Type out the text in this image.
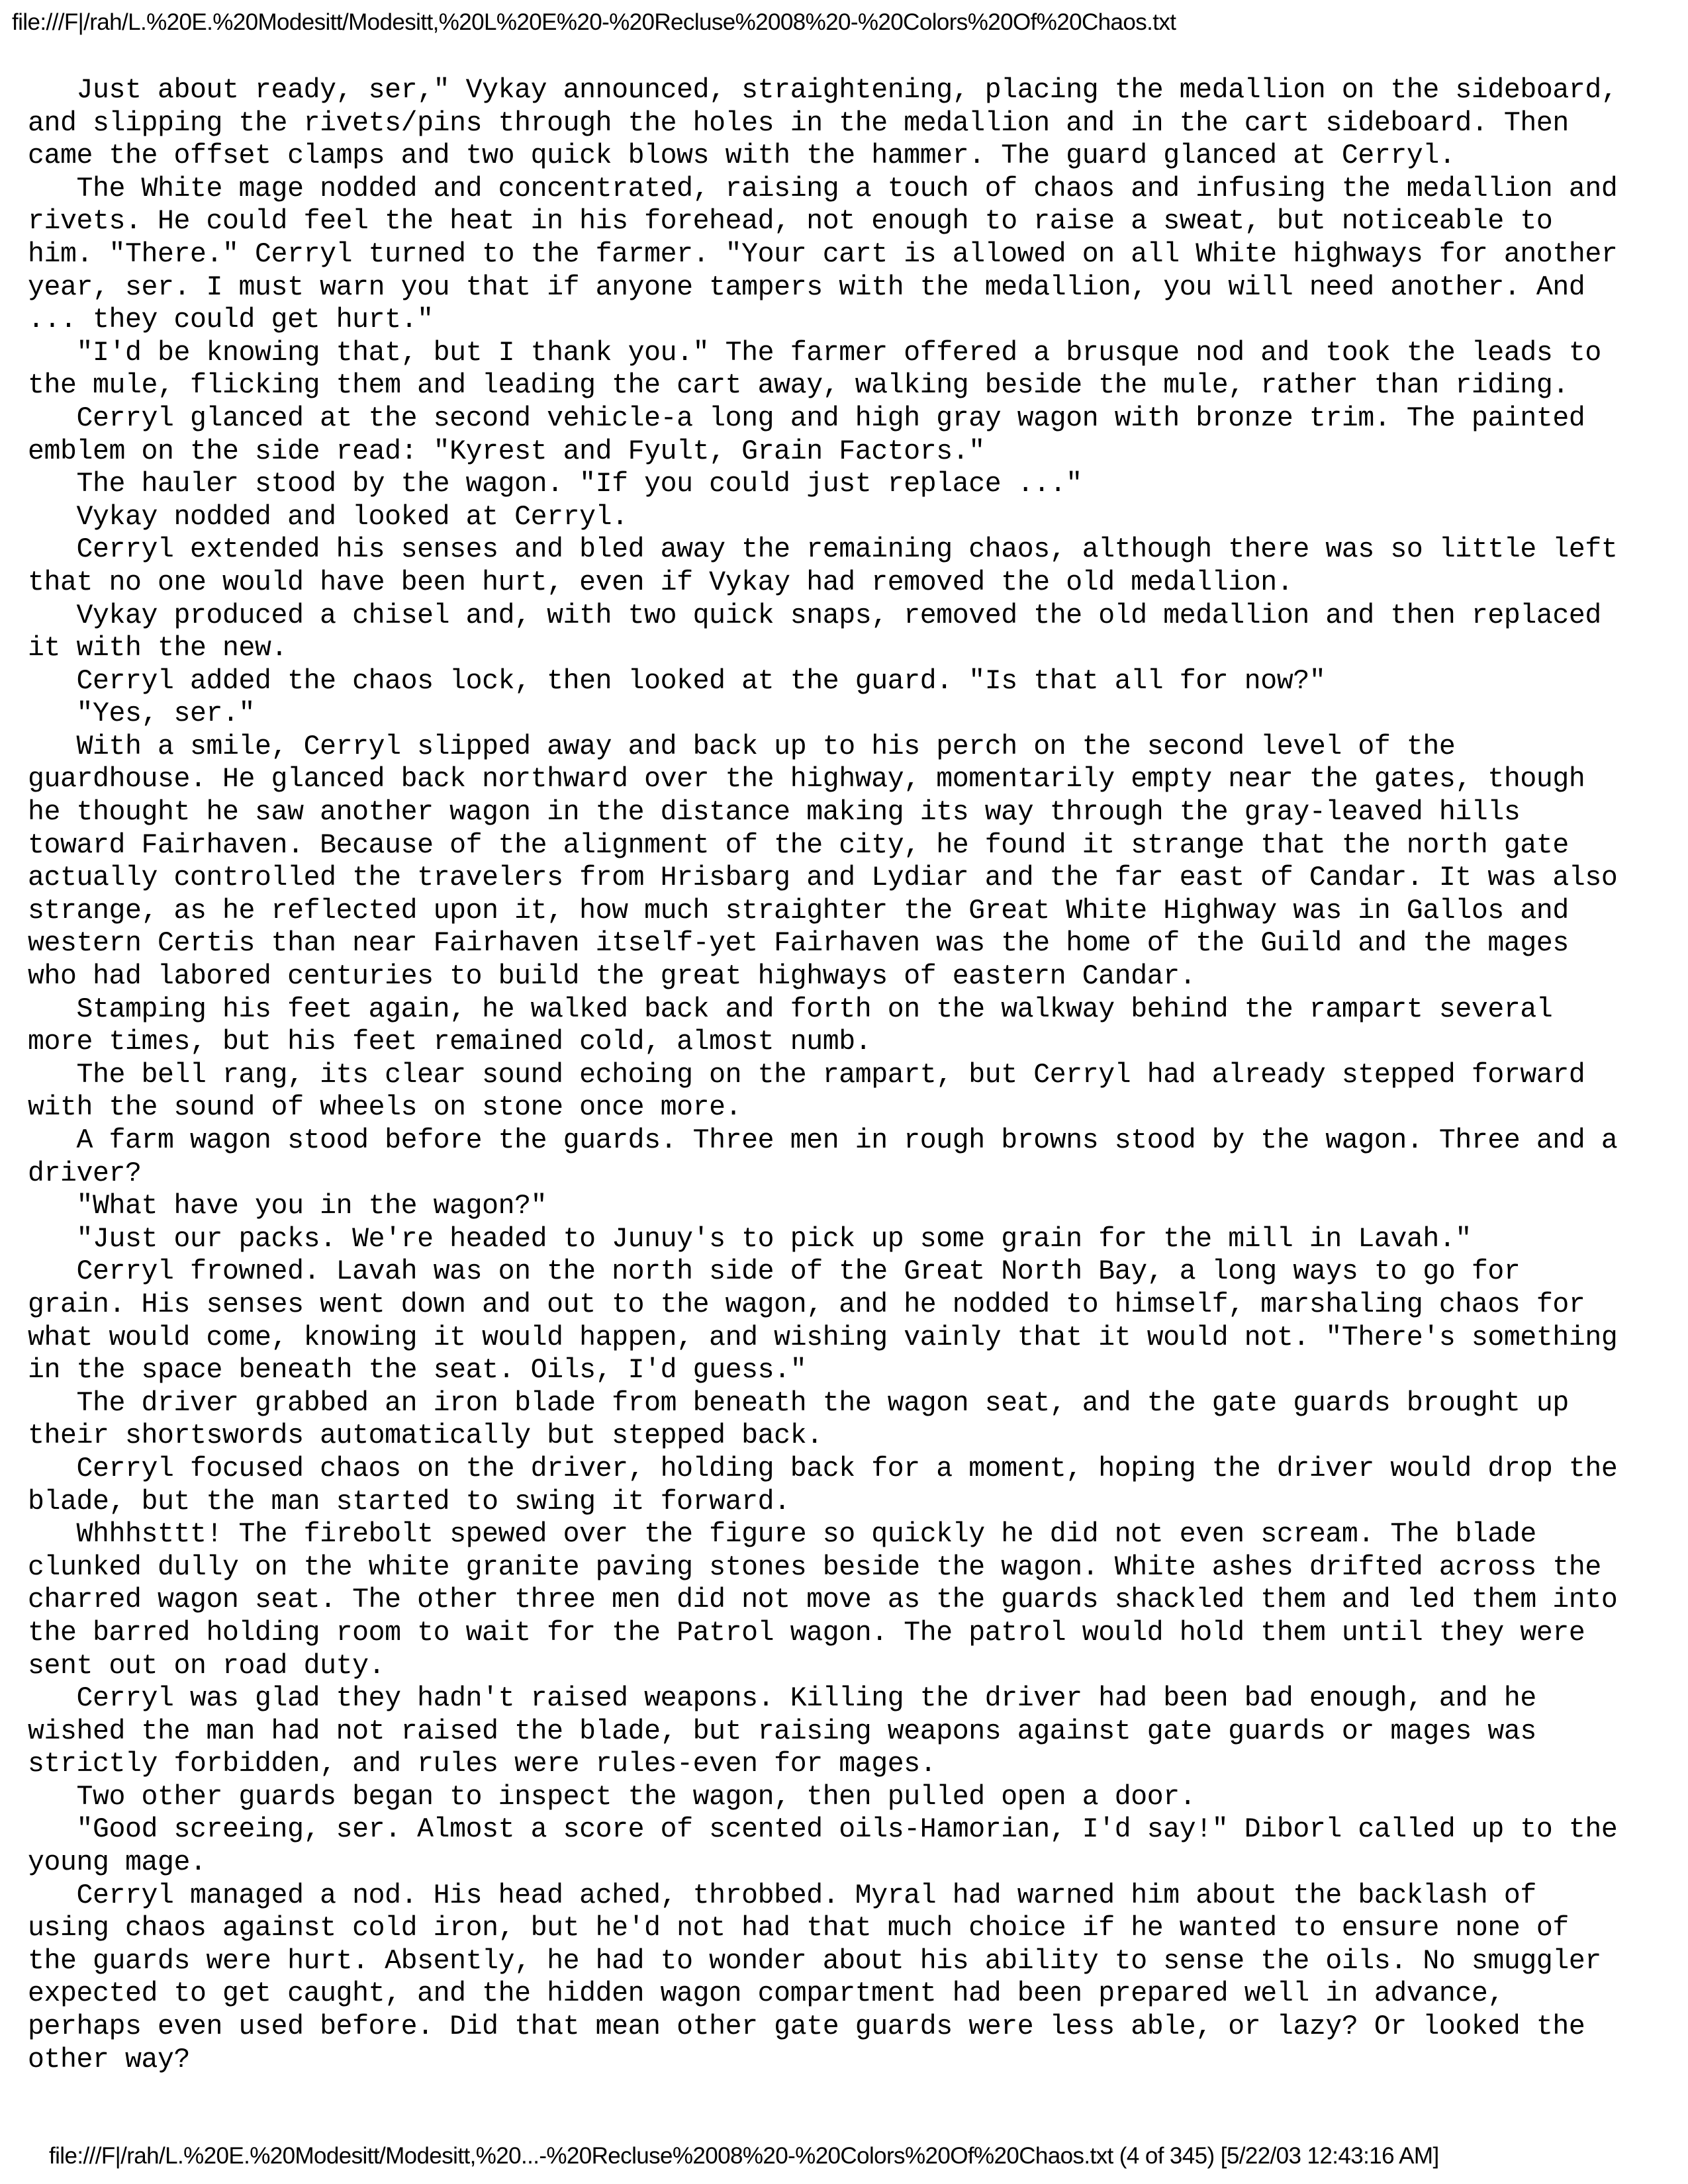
file:///F|/rah/L.%20E.%20Modesitt/Modesitt,%20L%20E%20-%20Recluse%2008%20-%20Colors%20Of%20Chaos.txt
Just about ready, ser," Vykay announced, straightening, placing the medallion on the sideboard,
and slipping the rivets/pins through the holes in the medallion and in the cart sideboard. Then
came the offset clamps and two quick blows with the hammer. The guard glanced at Cerryl.
The White mage nodded and concentrated, raising a touch of chaos and infusing the medallion and
rivets. He could feel the heat in his forehead, not enough to raise a sweat, but noticeable to
him. "There." Cerryl turned to the farmer. "Your cart is allowed on all White highways for another
year, ser. I must warn you that if anyone tampers with the medallion, you will need another. And
... they could get hurt."
"I'd be knowing that, but I thank you." The farmer offered a brusque nod and took the leads to
the mule, flicking them and leading the cart away, walking beside the mule, rather than riding.
Cerryl glanced at the second vehicle-a long and high gray wagon with bronze trim. The painted
emblem on the side read: "Kyrest and Fyult, Grain Factors."
The hauler stood by the wagon. "If you could just replace ..."
Vykay nodded and looked at Cerryl.
Cerryl extended his senses and bled away the remaining chaos, although there was so little left
that no one would have been hurt, even if Vykay had removed the old medallion.
Vykay produced a chisel and, with two quick snaps, removed the old medallion and then replaced
it with the new.
Cerryl added the chaos lock, then looked at the guard. "Is that all for now?"
"Yes, ser."
With a smile, Cerryl slipped away and back up to his perch on the second level of the
guardhouse. He glanced back northward over the highway, momentarily empty near the gates, though
he thought he saw another wagon in the distance making its way through the gray-leaved hills
toward Fairhaven. Because of the alignment of the city, he found it strange that the north gate
actually controlled the travelers from Hrisbarg and Lydiar and the far east of Candar. It was also
strange, as he reflected upon it, how much straighter the Great White Highway was in Gallos and
western Certis than near Fairhaven itself-yet Fairhaven was the home of the Guild and the mages
who had labored centuries to build the great highways of eastern Candar.
Stamping his feet again, he walked back and forth on the walkway behind the rampart several
more times, but his feet remained cold, almost numb.
The bell rang, its clear sound echoing on the rampart, but Cerryl had already stepped forward
with the sound of wheels on stone once more.
A farm wagon stood before the guards. Three men in rough browns stood by the wagon. Three and a
driver?
"What have you in the wagon?"
"Just our packs. We're headed to Junuy's to pick up some grain for the mill in Lavah."
Cerryl frowned. Lavah was on the north side of the Great North Bay, a long ways to go for
grain. His senses went down and out to the wagon, and he nodded to himself, marshaling chaos for
what would come, knowing it would happen, and wishing vainly that it would not. "There's something
in the space beneath the seat. Oils, I'd guess."
The driver grabbed an iron blade from beneath the wagon seat, and the gate guards brought up
their shortswords automatically but stepped back.
Cerryl focused chaos on the driver, holding back for a moment, hoping the driver would drop the
blade, but the man started to swing it forward.
Whhhsttt! The firebolt spewed over the figure so quickly he did not even scream. The blade
clunked dully on the white granite paving stones beside the wagon. White ashes drifted across the
charred wagon seat. The other three men did not move as the guards shackled them and led them into
the barred holding room to wait for the Patrol wagon. The patrol would hold them until they were
sent out on road duty.
Cerryl was glad they hadn't raised weapons. Killing the driver had been bad enough, and he
wished the man had not raised the blade, but raising weapons against gate guards or mages was
strictly forbidden, and rules were rules-even for mages.
Two other guards began to inspect the wagon, then pulled open a door.
"Good screeing, ser. Almost a score of scented oils-Hamorian, I'd say!" Diborl called up to the
young mage.
Cerryl managed a nod. His head ached, throbbed. Myral had warned him about the backlash of
using chaos against cold iron, but he'd not had that much choice if he wanted to ensure none of
the guards were hurt. Absently, he had to wonder about his ability to sense the oils. No smuggler
expected to get caught, and the hidden wagon compartment had been prepared well in advance,
perhaps even used before. Did that mean other gate guards were less able, or lazy? Or looked the
other way?
file:///F|/rah/L.%20E.%20Modesitt/Modesitt,%20...-%20Recluse%2008%20-%20Colors%20Of%20Chaos.txt (4 of 345) [5/22/03 12:43:16 AM]
